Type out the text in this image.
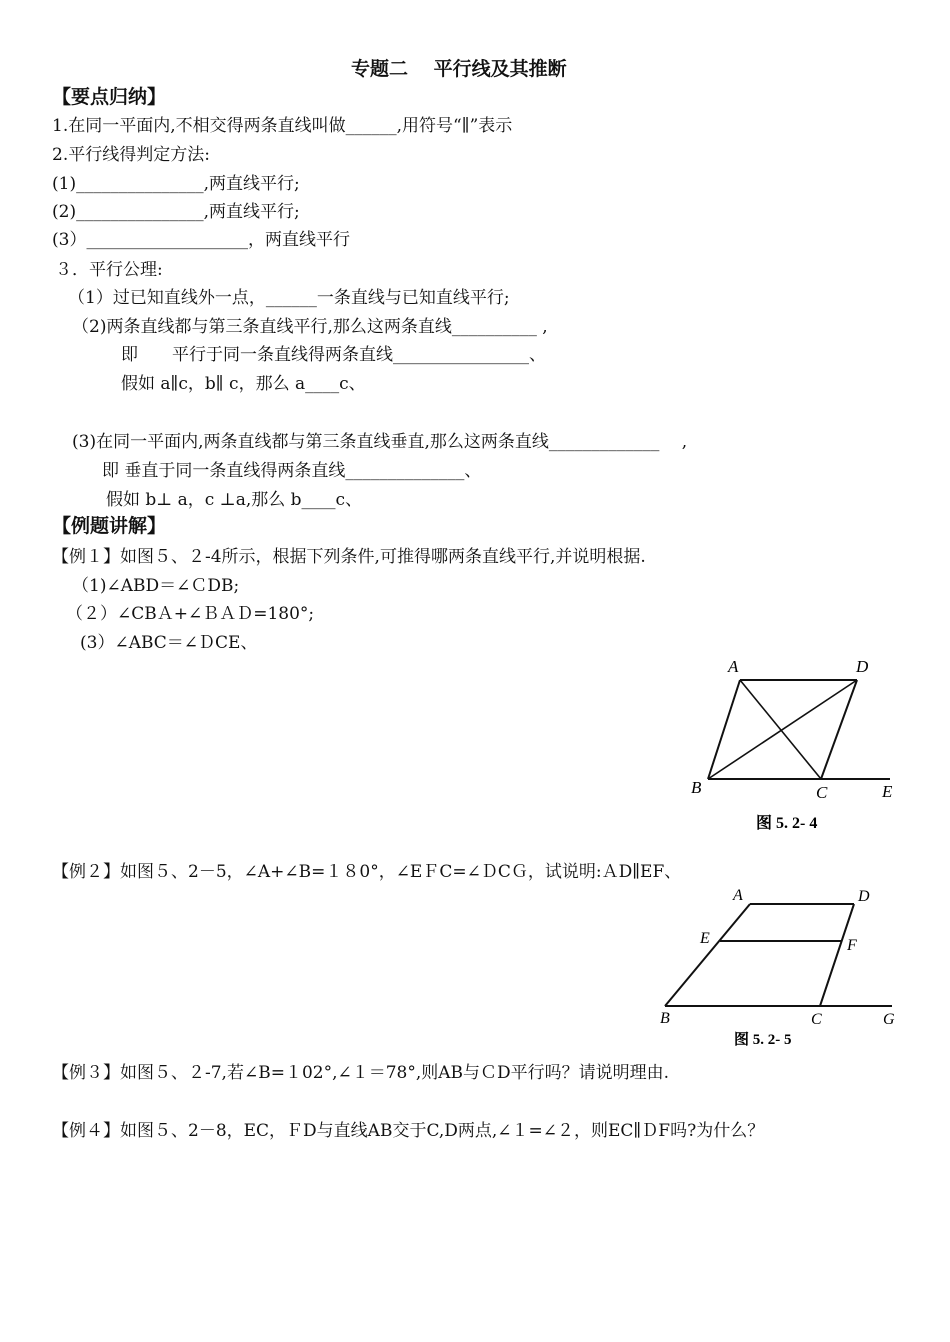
专题二　 平行线及其推断
【要点归纳】
1.在同一平面内,不相交得两条直线叫做______,用符号“∥”表示
2.平行线得判定方法:
(1)_______________,两直线平行;
(2)_______________,两直线平行;
(3）___________________，两直线平行
３．平行公理:
（1）过已知直线外一点，______一条直线与已知直线平行;
（2)两条直线都与第三条直线平行,那么这两条直线__________ ,
即　　平行于同一条直线得两条直线________________、
假如 a∥c，b∥ c，那么 a____c、
(3)在同一平面内,两条直线都与第三条直线垂直,那么这两条直线_____________　 ,
即 垂直于同一条直线得两条直线______________、
假如 b⊥ a，c ⊥a,那么 b____c、
【例题讲解】
【例１】如图５、２-4所示，根据下列条件,可推得哪两条直线平行,并说明根据.
（1)∠ABD＝∠ＣDB;
（２）∠CBＡ+∠ＢＡＤ=180°;
(3）∠ABC＝∠ＤCE、
A	D
B	C	E
图 5. 2- 4
【例２】如图５、2－5，∠A+∠B=１８0°，∠EＦC=∠ＤCＧ，试说明:ＡD∥EF、
A	D
E	F
B	C	G
图 5. 2- 5
【例３】如图５、２-7,若∠B=１02°,∠１＝78°,则AB与ＣD平行吗？请说明理由.
【例４】如图５、2－8，EC，ＦD与直线AB交于C,D两点,∠１=∠２，则EC∥ＤF吗?为什么？
